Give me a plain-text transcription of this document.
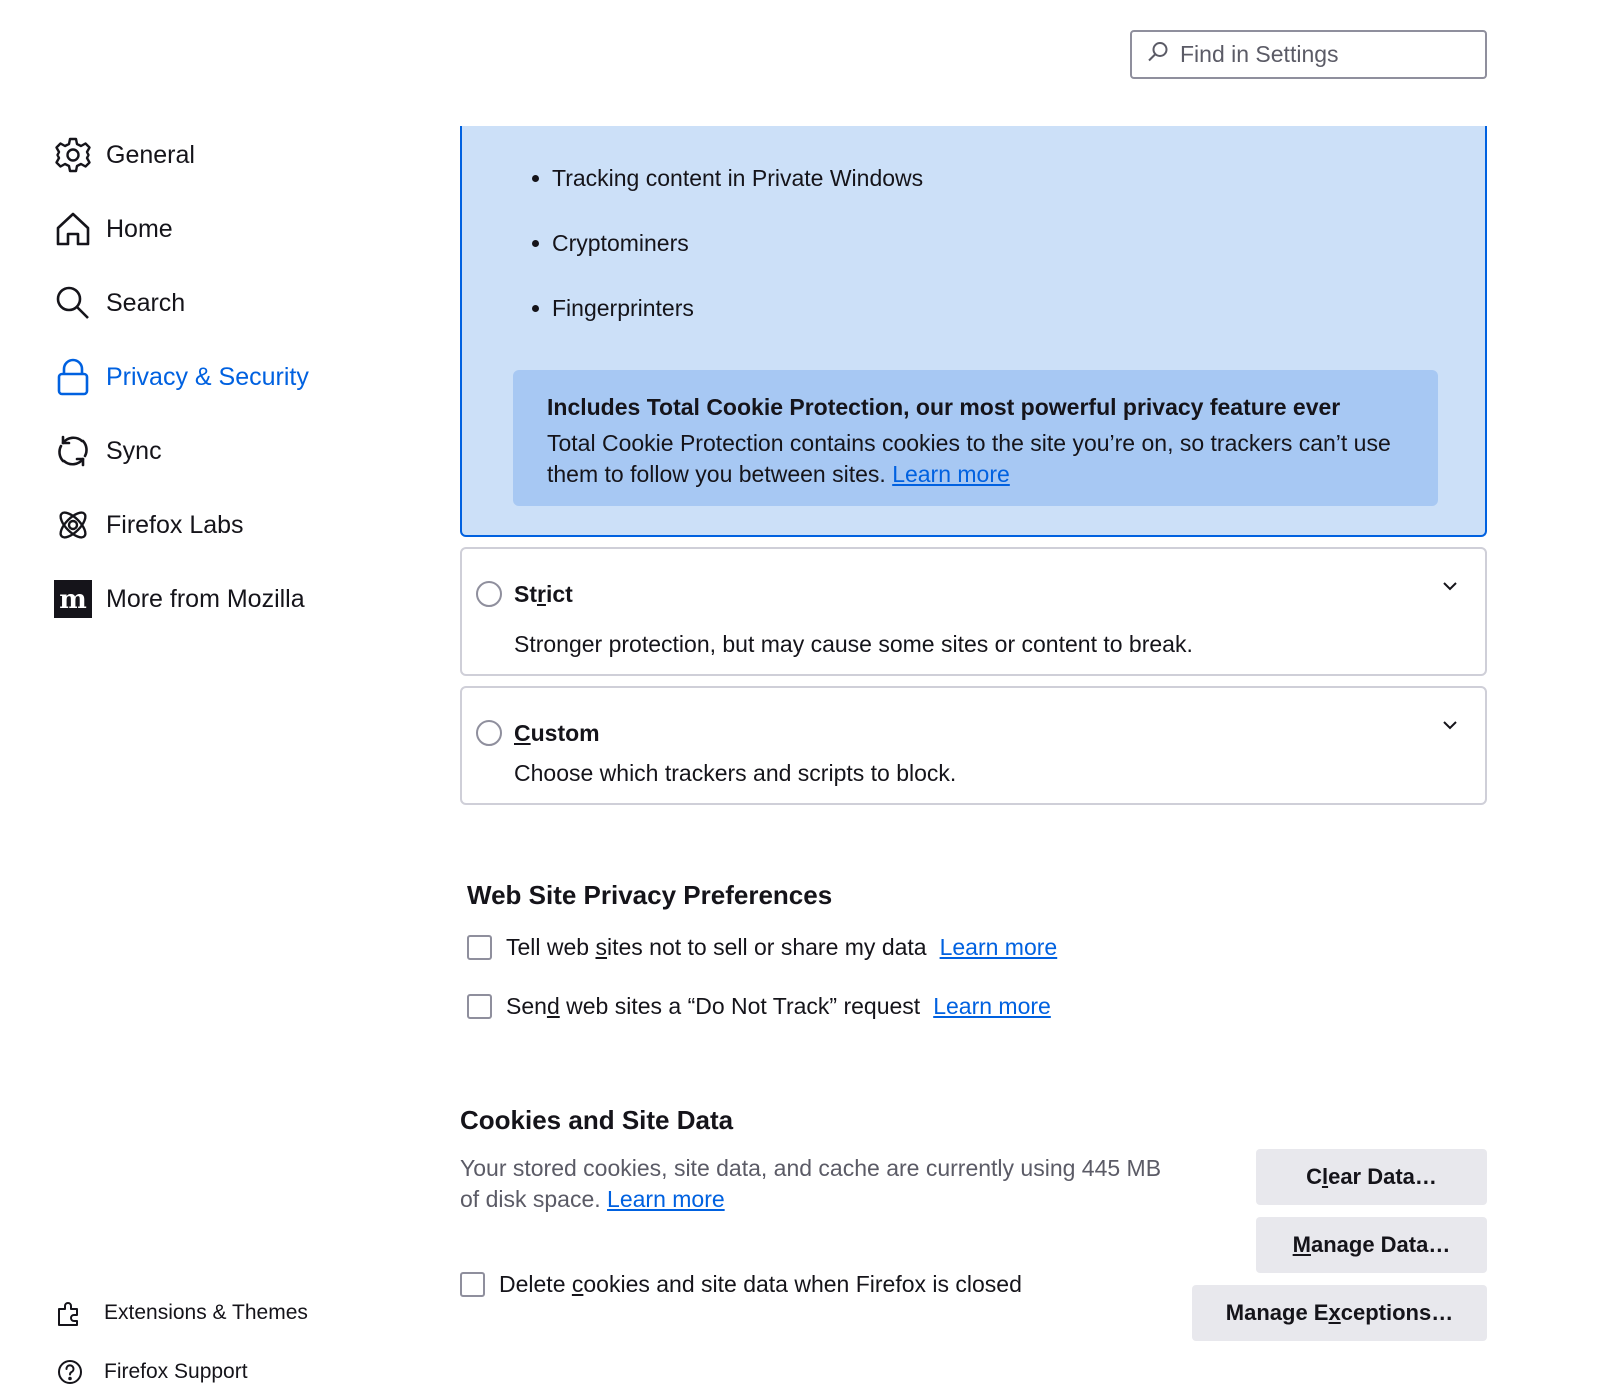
Find in Settings
General
Home
Search
Privacy & Security
Sync
Firefox Labs
m More from Mozilla
Extensions & Themes
Firefox Support
Tracking content in Private Windows
Cryptominers
Fingerprinters
Includes Total Cookie Protection, our most powerful privacy feature ever
Total Cookie Protection contains cookies to the site you’re on, so trackers can’t use them to follow you between sites. Learn more
Strict
Stronger protection, but may cause some sites or content to break.
Custom
Choose which trackers and scripts to block.
Web Site Privacy Preferences
Tell web sites not to sell or share my data Learn more
Send web sites a “Do Not Track” request Learn more
Cookies and Site Data
Your stored cookies, site data, and cache are currently using 445 MB of disk space. Learn more
Delete cookies and site data when Firefox is closed
C l ear Data…
M anage Data…
Manage E x ceptions…
